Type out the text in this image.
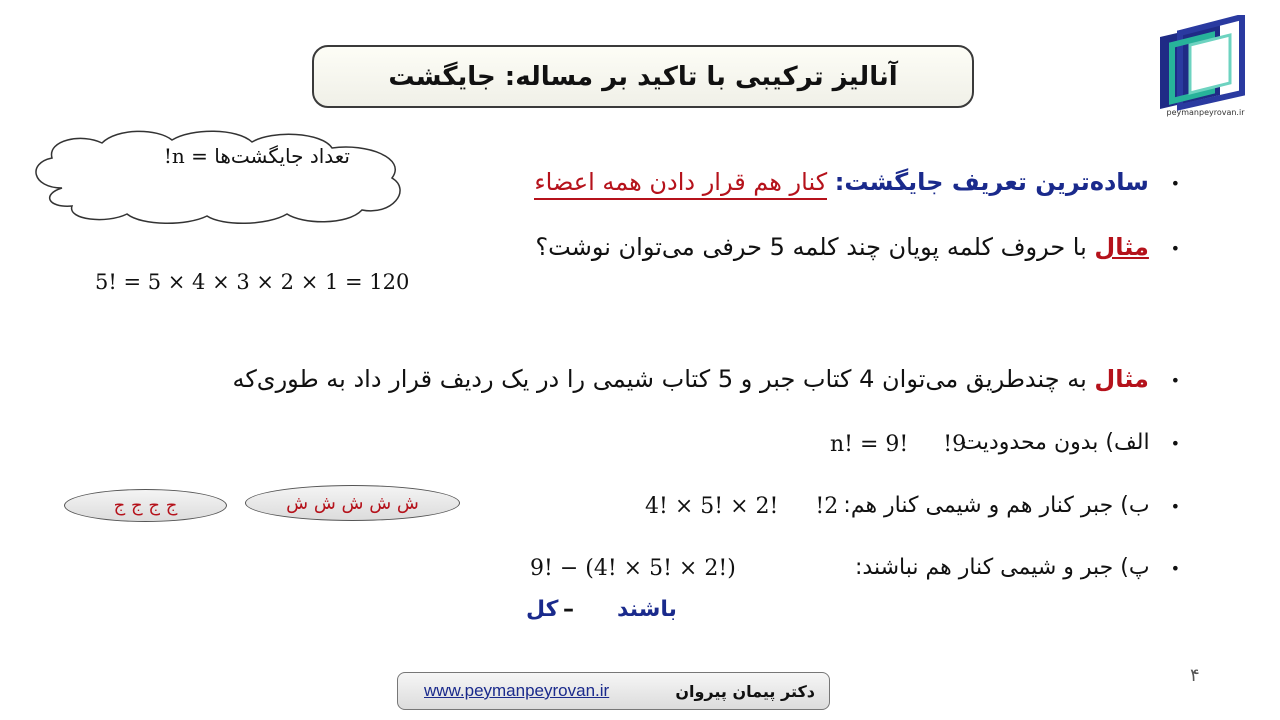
آنالیز ترکیبی با تاکید بر مساله: جایگشت
peymanpeyrovan.ir
تعداد جایگشت‌ها = n!
• ساده‌ترین تعریف جایگشت: کنار هم قرار دادن همه اعضاء
• مثال با حروف کلمه پویان چند کلمه 5 حرفی می‌توان نوشت؟
5! = 5 × 4 × 3 × 2 × 1 = 120
• مثال به چندطریق می‌توان 4 کتاب جبر و 5 کتاب شیمی را در یک ردیف قرار داد به طوری‌که
• الف) بدون محدودیت
n! = 9! !9
• ب) جبر کنار هم و شیمی کنار هم:
4! × 5! × 2! !2
ش ش ش ش ش
ج ج ج ج
• پ) جبر و شیمی کنار هم نباشند:
9! − (4! × 5! × 2!)
باشند
–
کل
۴
www.peymanpeyrovan.ir	دکتر پیمان پیروان
